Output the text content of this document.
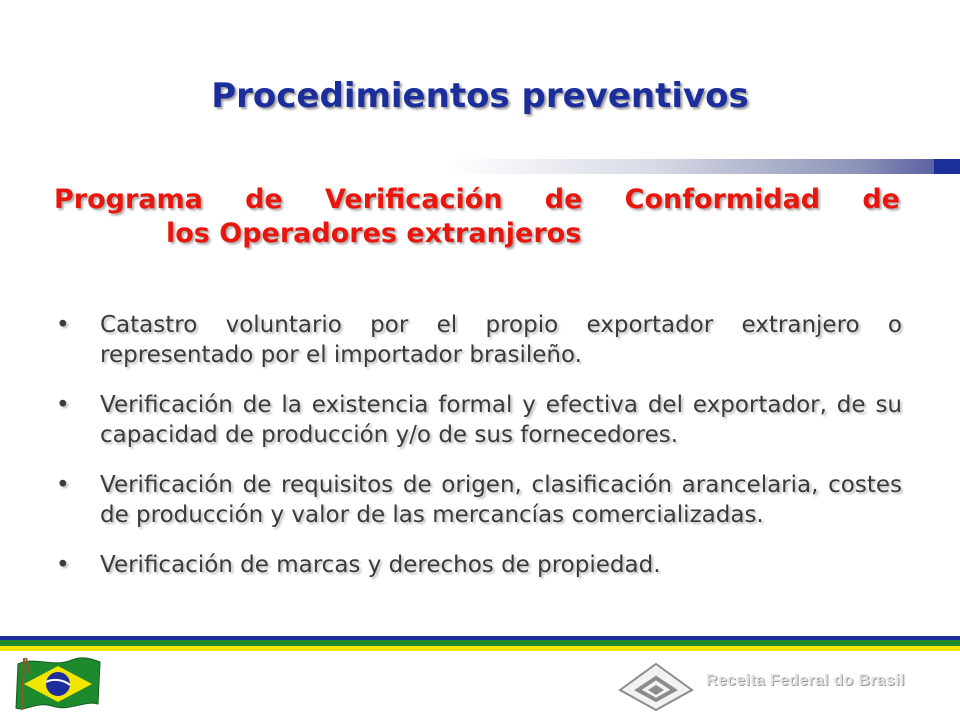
Procedimientos preventivos
Programa de Verificación de Conformidad de
los Operadores extranjeros
• Catastro voluntario por el propio exportador extranjero o representado por el importador brasileño.
• Verificación de la existencia formal y efectiva del exportador, de su capacidad de producción y/o de sus fornecedores.
• Verificación de requisitos de origen, clasificación arancelaria, costes de producción y valor de las mercancías comercializadas.
• Verificación de marcas y derechos de propiedad.
Receita Federal do Brasil
